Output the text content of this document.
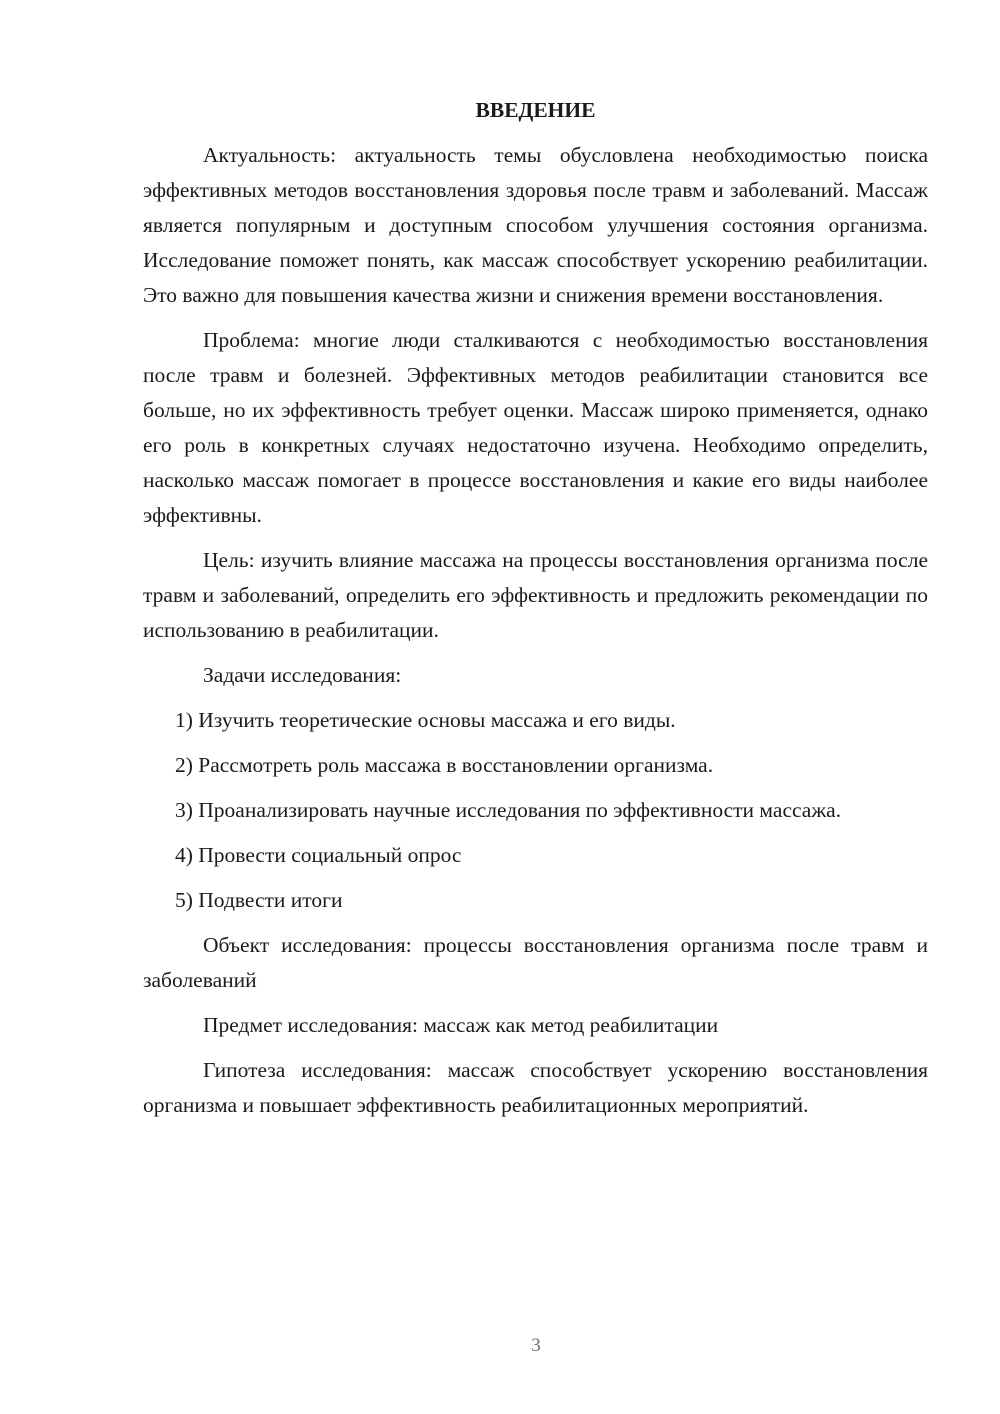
ВВЕДЕНИЕ
Актуальность: актуальность темы обусловлена необходимостью поиска эффективных методов восстановления здоровья после травм и заболеваний. Массаж является популярным и доступным способом улучшения состояния организма. Исследование поможет понять, как массаж способствует ускорению реабилитации. Это важно для повышения качества жизни и снижения времени восстановления.
Проблема: многие люди сталкиваются с необходимостью восстановления после травм и болезней. Эффективных методов реабилитации становится все больше, но их эффективность требует оценки. Массаж широко применяется, однако его роль в конкретных случаях недостаточно изучена. Необходимо определить, насколько массаж помогает в процессе восстановления и какие его виды наиболее эффективны.
Цель: изучить влияние массажа на процессы восстановления организма после травм и заболеваний, определить его эффективность и предложить рекомендации по использованию в реабилитации.
Задачи исследования:
1) Изучить теоретические основы массажа и его виды.
2) Рассмотреть роль массажа в восстановлении организма.
3) Проанализировать научные исследования по эффективности массажа.
4) Провести социальный опрос
5) Подвести итоги
Объект исследования: процессы восстановления организма после травм и заболеваний
Предмет исследования: массаж как метод реабилитации
Гипотеза исследования: массаж способствует ускорению восстановления организма и повышает эффективность реабилитационных мероприятий.
3
